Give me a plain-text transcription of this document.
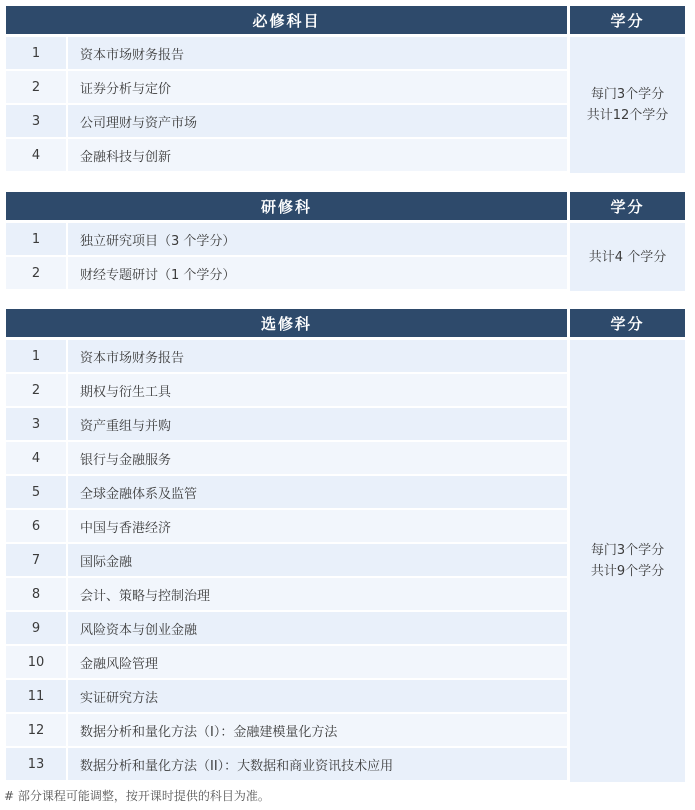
必修科目	学分
1	资本市场财务报告
2	证券分析与定价
3	公司理财与资产市场
4	金融科技与创新
每门3个学分
共计12个学分
研修科	学分
1	独立研究项目（3 个学分）
2	财经专题研讨（1 个学分）
共计4 个学分
选修科	学分
1	资本市场财务报告
2	期权与衍生工具
3	资产重组与并购
4	银行与金融服务
5	全球金融体系及监管
6	中国与香港经济
7	国际金融
8	会计、策略与控制治理
9	风险资本与创业金融
10	金融风险管理
11	实证研究方法
12	数据分析和量化方法（I）：金融建模量化方法
13	数据分析和量化方法（II）：大数据和商业资讯技术应用
每门3个学分
共计9个学分
# 部分课程可能调整，按开课时提供的科目为准。
